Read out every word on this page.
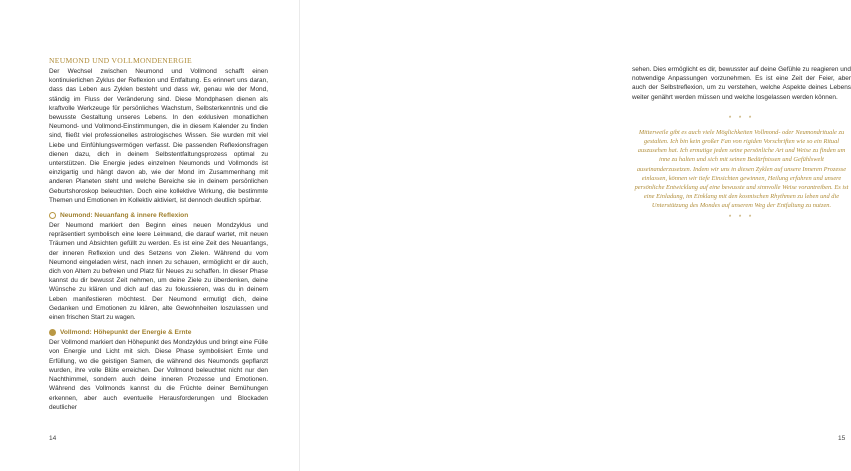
NEUMOND UND VOLLMONDENERGIE

Der Wechsel zwischen Neumond und Vollmond schafft einen kontinuierlichen Zyklus der Reflexion und Entfaltung. Es erinnert uns daran, dass das Leben aus Zyklen besteht und dass wir, genau wie der Mond, ständig im Fluss der Veränderung sind. Diese Mondphasen dienen als kraftvolle Werkzeuge für persönliches Wachstum, Selbsterkenntnis und die bewusste Gestaltung unseres Lebens. In den exklusiven monatlichen Neumond- und Vollmond-Einstimmungen, die in diesem Kalender zu finden sind, fließt viel professionelles astrologisches Wissen. Sie wurden mit viel Liebe und Einfühlungsvermögen verfasst. Die passenden Reflexionsfragen dienen dazu, dich in deinem Selbstentfaltungsprozess optimal zu unterstützen. Die Energie jedes einzelnen Neumonds und Vollmonds ist einzigartig und hängt davon ab, wie der Mond im Zusammenhang mit anderen Planeten steht und welche Bereiche sie in deinem persönlichen Geburtshoroskop beleuchten. Doch eine kollektive Wirkung, die bestimmte Themen und Emotionen im Kollektiv aktiviert, ist dennoch deutlich spürbar.

Neumond: Neuanfang & innere Reflexion

Der Neumond markiert den Beginn eines neuen Mondzyklus und repräsentiert symbolisch eine leere Leinwand, die darauf wartet, mit neuen Träumen und Absichten gefüllt zu werden. Es ist eine Zeit des Neuanfangs, der inneren Reflexion und des Setzens von Zielen. Während du vom Neumond eingeladen wirst, nach innen zu schauen, ermöglicht er dir auch, dich von Altem zu befreien und Platz für Neues zu schaffen. In dieser Phase kannst du dir bewusst Zeit nehmen, um deine Ziele zu überdenken, deine Wünsche zu klären und dich auf das zu fokussieren, was du in deinem Leben manifestieren möchtest. Der Neumond ermutigt dich, deine Gedanken und Emotionen zu klären, alte Gewohnheiten loszulassen und einen frischen Start zu wagen.

Vollmond: Höhepunkt der Energie & Ernte

Der Vollmond markiert den Höhepunkt des Mondzyklus und bringt eine Fülle von Energie und Licht mit sich. Diese Phase symbolisiert Ernte und Erfüllung, wo die geistigen Samen, die während des Neumonds gepflanzt wurden, ihre volle Blüte erreichen. Der Vollmond beleuchtet nicht nur den Nachthimmel, sondern auch deine inneren Prozesse und Emotionen. Während des Vollmonds kannst du die Früchte deiner Bemühungen erkennen, aber auch eventuelle Herausforderungen und Blockaden deutlicher

14

sehen. Dies ermöglicht es dir, bewusster auf deine Gefühle zu reagieren und notwendige Anpassungen vorzunehmen. Es ist eine Zeit der Feier, aber auch der Selbstreflexion, um zu verstehen, welche Aspekte deines Lebens weiter genährt werden müssen und welche losgelassen werden können.

* * *

Mitterweile gibt es auch viele Möglichkeiten Vollmond- oder Neumondrituale zu gestalten. Ich bin kein großer Fan von rigiden Vorschriften wie so ein Ritual auszusehen hat. Ich ermutige jeden seine persönliche Art und Weise zu finden um inne zu halten und sich mit seinen Bedürfnissen und Gefühlswelt auseinanderzusetzen. Indem wir uns in diesen Zyklen auf unsere Inneren Prozesse einlassen, können wir tiefe Einsichten gewinnen, Heilung erfahren und unsere persönliche Entwicklung auf eine bewusste und sinnvolle Weise vorantreiben. Es ist eine Einladung, im Einklang mit den kosmischen Rhythmen zu leben und die Unterstützung des Mondes auf unserem Weg der Entfaltung zu nutzen.

* * *
15
